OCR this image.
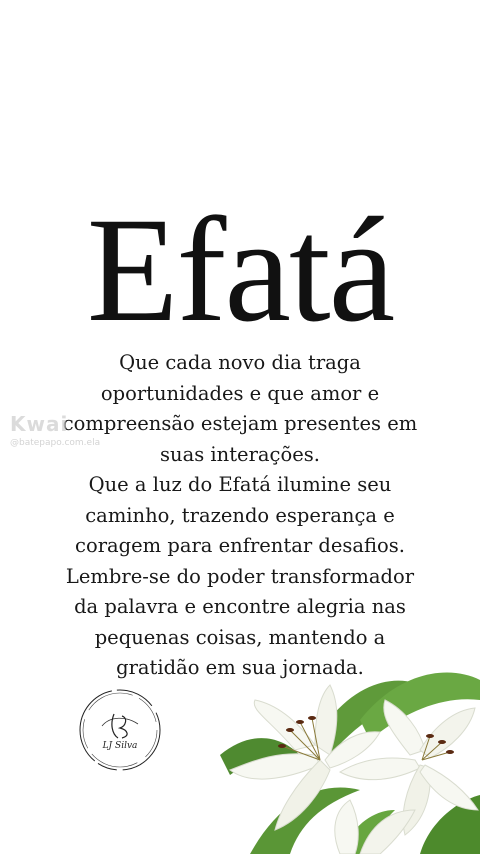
Efatá
Que cada novo dia traga
oportunidades e que amor e
compreensão estejam presentes em
suas interações.
Que a luz do Efatá ilumine seu
caminho, trazendo esperança e
coragem para enfrentar desafios.
Lembre-se do poder transformador
da palavra e encontre alegria nas
pequenas coisas, mantendo a
gratidão em sua jornada.
Kwai
@batepapo.com.ela
LJ Silva
